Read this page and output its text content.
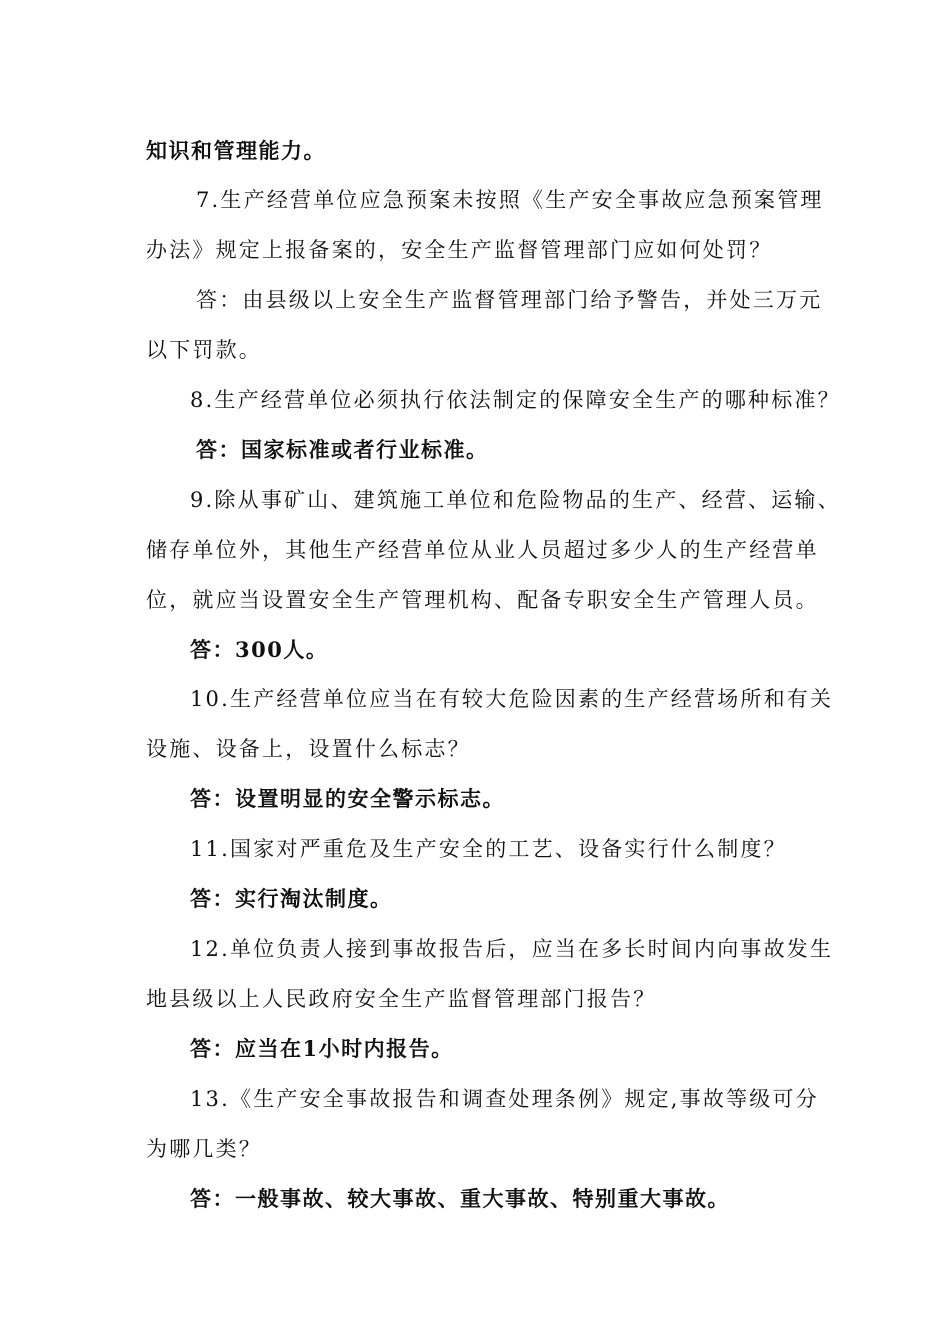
知识和管理能力。
7.生产经营单位应急预案未按照《生产安全事故应急预案管理
办法》规定上报备案的，安全生产监督管理部门应如何处罚？
答：由县级以上安全生产监督管理部门给予警告，并处三万元
以下罚款。
8.生产经营单位必须执行依法制定的保障安全生产的哪种标准？
答：国家标准或者行业标准。
9.除从事矿山、建筑施工单位和危险物品的生产、经营、运输、
储存单位外，其他生产经营单位从业人员超过多少人的生产经营单
位，就应当设置安全生产管理机构、配备专职安全生产管理人员。
答：300人。
10.生产经营单位应当在有较大危险因素的生产经营场所和有关
设施、设备上，设置什么标志？
答：设置明显的安全警示标志。
11.国家对严重危及生产安全的工艺、设备实行什么制度？
答：实行淘汰制度。
12.单位负责人接到事故报告后，应当在多长时间内向事故发生
地县级以上人民政府安全生产监督管理部门报告？
答：应当在1小时内报告。
13.《生产安全事故报告和调查处理条例》规定,事故等级可分
为哪几类？
答：一般事故、较大事故、重大事故、特别重大事故。
